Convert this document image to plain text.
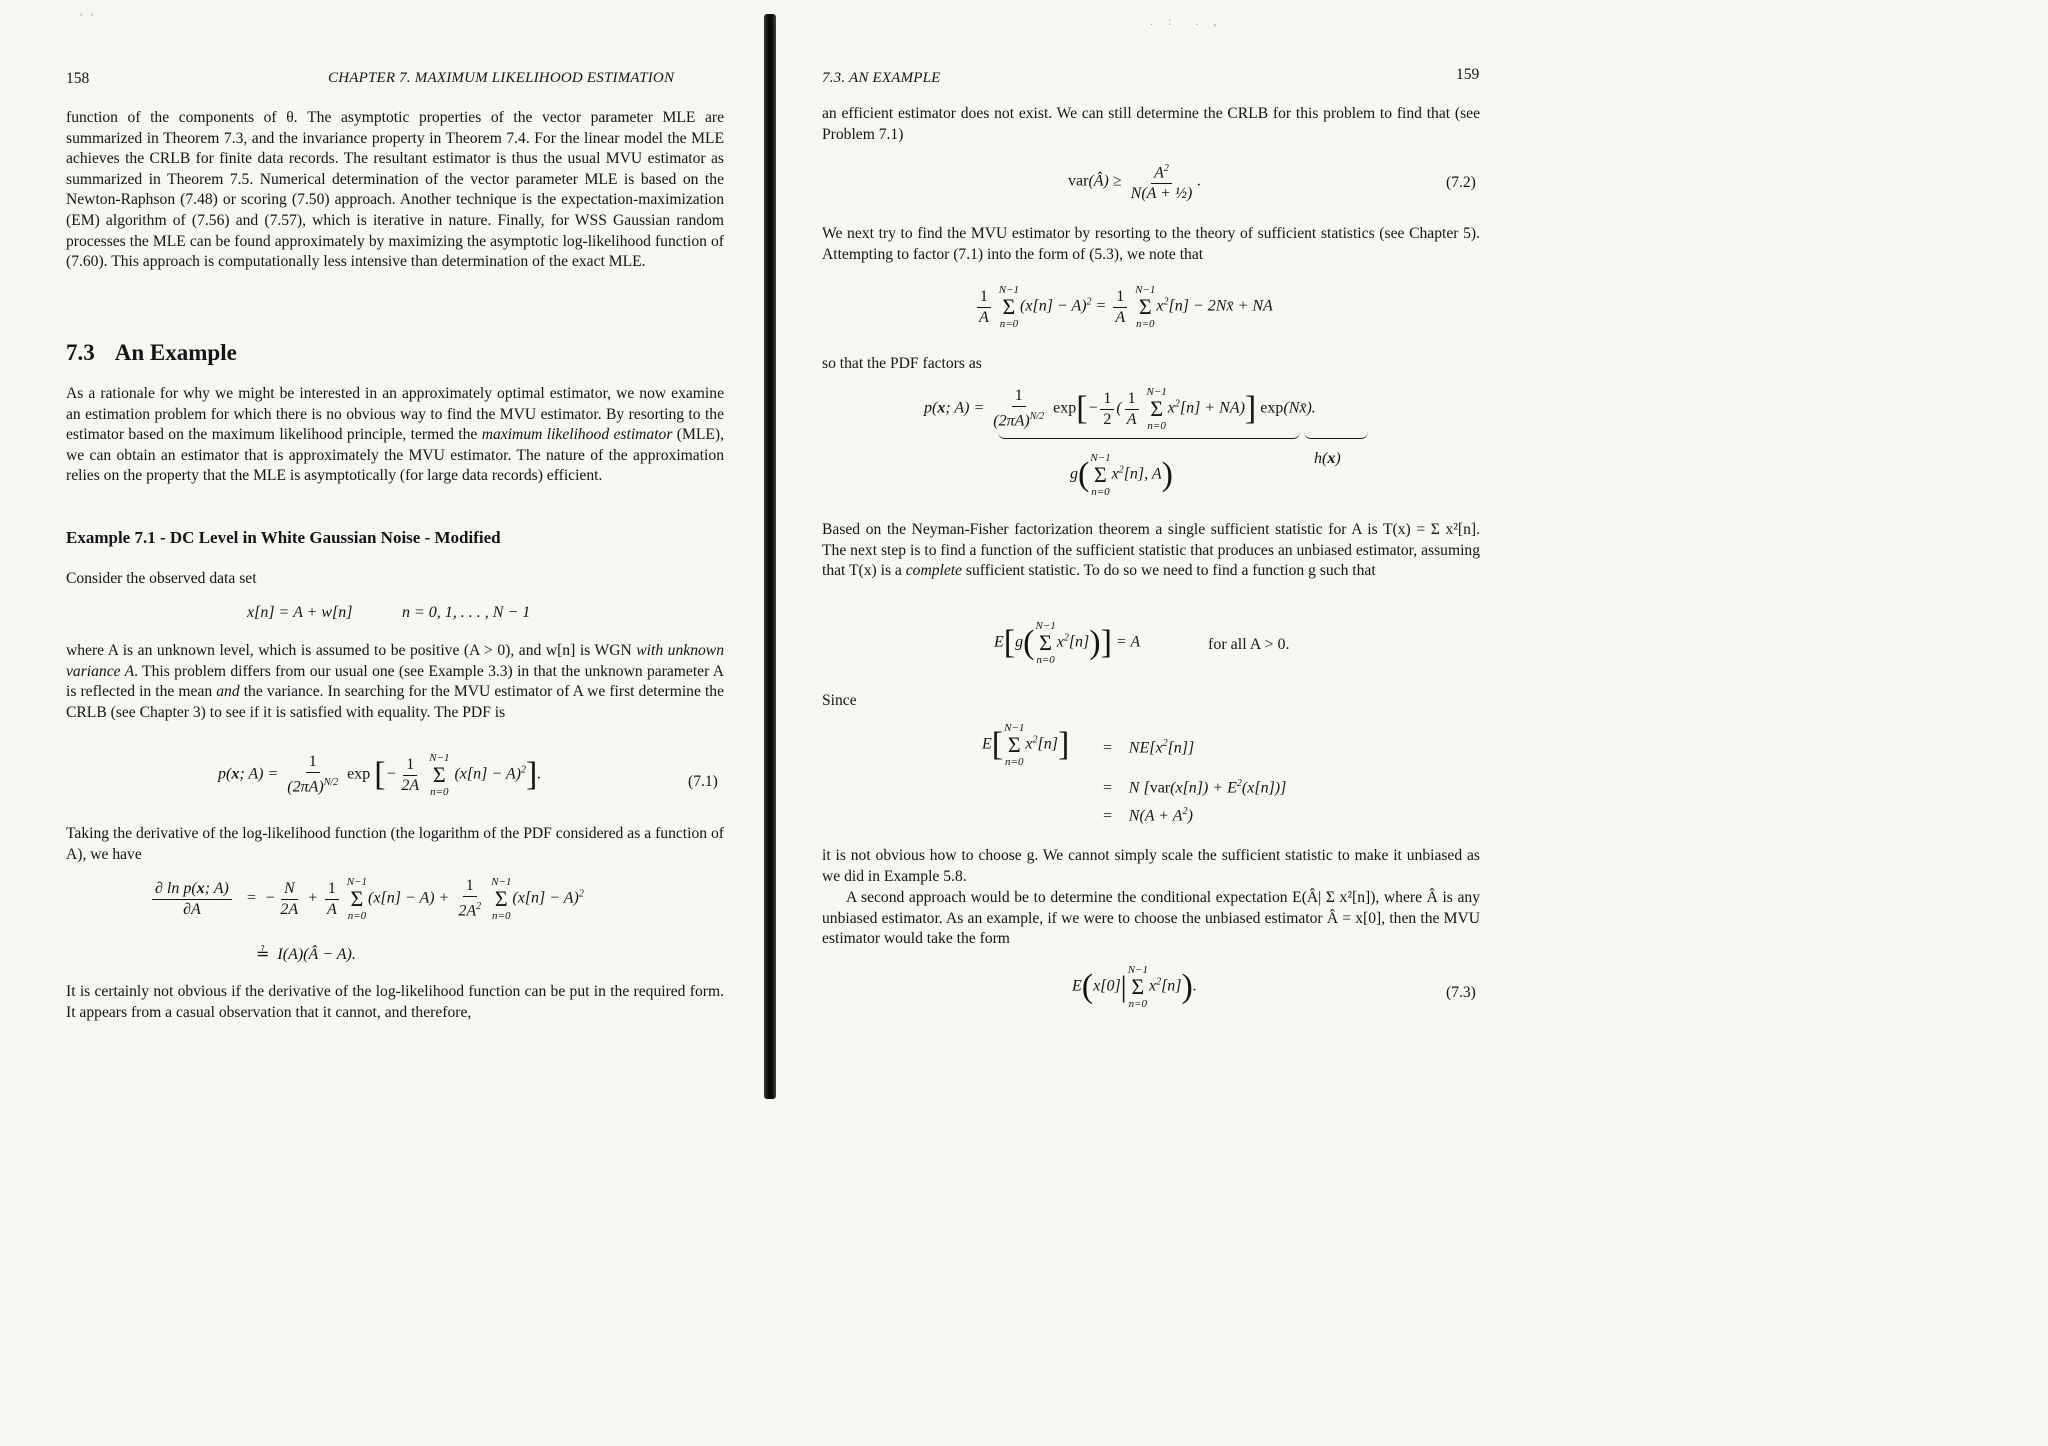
'   '	.     :        .     ,
158	CHAPTER 7. MAXIMUM LIKELIHOOD ESTIMATION

function of the components of θ. The asymptotic properties of the vector parameter MLE are summarized in Theorem 7.3, and the invariance property in Theorem 7.4. For the linear model the MLE achieves the CRLB for finite data records. The resultant estimator is thus the usual MVU estimator as summarized in Theorem 7.5. Numerical determination of the vector parameter MLE is based on the Newton-Raphson (7.48) or scoring (7.50) approach. Another technique is the expectation-maximization (EM) algorithm of (7.56) and (7.57), which is iterative in nature. Finally, for WSS Gaussian random processes the MLE can be found approximately by maximizing the asymptotic log-likelihood function of (7.60). This approach is computationally less intensive than determination of the exact MLE.

7.3 An Example

As a rationale for why we might be interested in an approximately optimal estimator, we now examine an estimation problem for which there is no obvious way to find the MVU estimator. By resorting to the estimator based on the maximum likelihood principle, termed the maximum likelihood estimator (MLE), we can obtain an estimator that is approximately the MVU estimator. The nature of the approximation relies on the property that the MLE is asymptotically (for large data records) efficient.

Example 7.1 - DC Level in White Gaussian Noise - Modified

Consider the observed data set

x[n] = A + w[n]	n = 0, 1, . . . , N − 1

where A is an unknown level, which is assumed to be positive (A > 0), and w[n] is WGN with unknown variance A. This problem differs from our usual one (see Example 3.3) in that the unknown parameter A is reflected in the mean and the variance. In searching for the MVU estimator of A we first determine the CRLB (see Chapter 3) to see if it is satisfied with equality. The PDF is

p(x; $A) = \frac{1}{(2\pi A)^{N/2}}$ exp [− $\frac{1}{2A}$
N−1
Σ
n=0
$(x[n] - A)^2$].	(7.1)

Taking the derivative of the log-likelihood function (the logarithm of the PDF considered as a function of A), we have

$\frac{\text{∂ ln p(x; A)}}{\partial A}$ =  − $\frac{N}{2A} + \frac{1}{A}$
N−1
Σ
n=0
$(x[n] - A) + \frac{1}{2A^2}$
N−1
Σ
n=0
$(x[n] - A)^2$
≟  I(A)(Â − A).

It is certainly not obvious if the derivative of the log-likelihood function can be put in the required form. It appears from a casual observation that it cannot, and therefore,

7.3. AN EXAMPLE	159

an efficient estimator does not exist. We can still determine the CRLB for this problem to find that (see Problem 7.1)

var(Â) ≥ $\frac{A^2}{\text{N(A + ½)}}$ .	(7.2)

We next try to find the MVU estimator by resorting to the theory of sufficient statistics (see Chapter 5). Attempting to factor (7.1) into the form of (5.3), we note that

$\frac{1}{A}$
N−1
Σ
n=0
$(x[n] - A)^2 = \frac{1}{A}$
N−1
Σ
n=0
$x^2[n]$ − 2Nx̄ + NA

so that the PDF factors as

p(x; $A) = \frac{1}{(2\pi A)^{N/2}} \exp[- \frac{1}{2}$ ( $\frac{1}{A}$
N−1
Σ
n=0
$x^2[n] + NA$)] exp(Nx̄).
g( N−1
Σ
n=0
$x^2[n]$, A)	h(x)

Based on the Neyman-Fisher factorization theorem a single sufficient statistic for A is T(x) = Σ x²[n]. The next step is to find a function of the sufficient statistic that produces an unbiased estimator, assuming that T(x) is a complete sufficient statistic. To do so we need to find a function g such that

E[g( N−1
Σ
n=0
$x^2[n])] = A$	for all A > 0.

Since

E[ N−1
Σ
n=0
$x^2[n]$] =    $NE[x^2[n]]$
=    N $[var(x[n]) + E^2(x[n])]$
=    $N(A + A^2)$

it is not obvious how to choose g. We cannot simply scale the sufficient statistic to make it unbiased as we did in Example 5.8.

A second approach would be to determine the conditional expectation E(Â| Σ x²[n]), where Â is any unbiased estimator. As an example, if we were to choose the unbiased estimator Â = x[0], then the MVU estimator would take the form

E(x[0]| N−1
Σ
n=0
$x^2[n]$).	(7.3)
